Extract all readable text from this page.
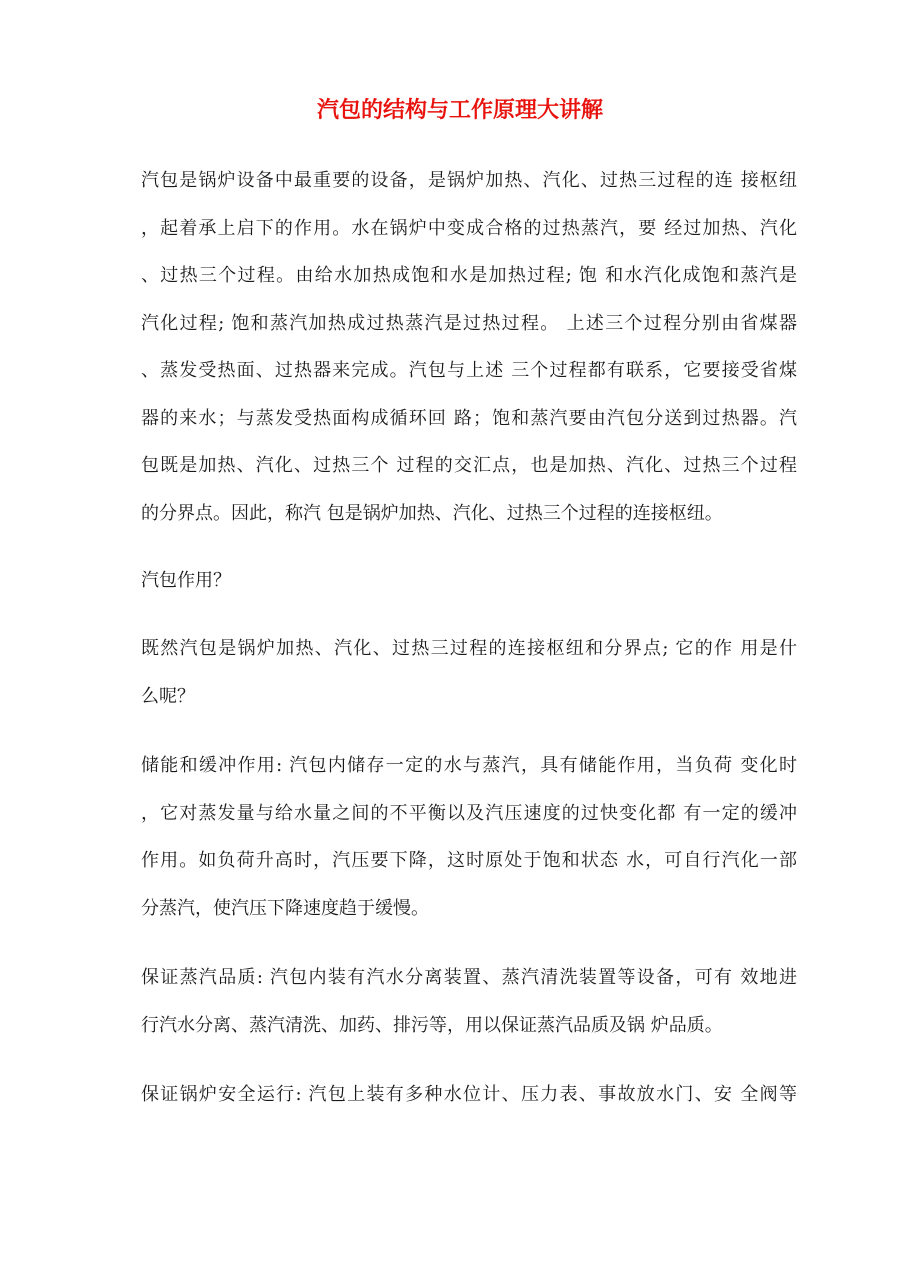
汽包的结构与工作原理大讲解

汽包是锅炉设备中最重要的设备，是锅炉加热、汽化、过热三过程的连 接枢纽
，起着承上启下的作用。水在锅炉中变成合格的过热蒸汽，要 经过加热、汽化
、过热三个过程。由给水加热成饱和水是加热过程; 饱 和水汽化成饱和蒸汽是
汽化过程; 饱和蒸汽加热成过热蒸汽是过热过程。 上述三个过程分别由省煤器
、蒸发受热面、过热器来完成。汽包与上述 三个过程都有联系，它要接受省煤
器的来水；与蒸发受热面构成循环回 路；饱和蒸汽要由汽包分送到过热器。汽
包既是加热、汽化、过热三个 过程的交汇点，也是加热、汽化、过热三个过程
的分界点。因此，称汽 包是锅炉加热、汽化、过热三个过程的连接枢纽。

汽包作用？

既然汽包是锅炉加热、汽化、过热三过程的连接枢纽和分界点; 它的作 用是什
么呢？

储能和缓冲作用: 汽包内储存一定的水与蒸汽，具有储能作用，当负荷 变化时
，它对蒸发量与给水量之间的不平衡以及汽压速度的过快变化都 有一定的缓冲
作用。如负荷升高时，汽压要下降，这时原处于饱和状态 水，可自行汽化一部
分蒸汽，使汽压下降速度趋于缓慢。

保证蒸汽品质: 汽包内装有汽水分离装置、蒸汽清洗装置等设备，可有 效地进
行汽水分离、蒸汽清洗、加药、排污等，用以保证蒸汽品质及锅 炉品质。

保证锅炉安全运行: 汽包上装有多种水位计、压力表、事故放水门、安 全阀等
